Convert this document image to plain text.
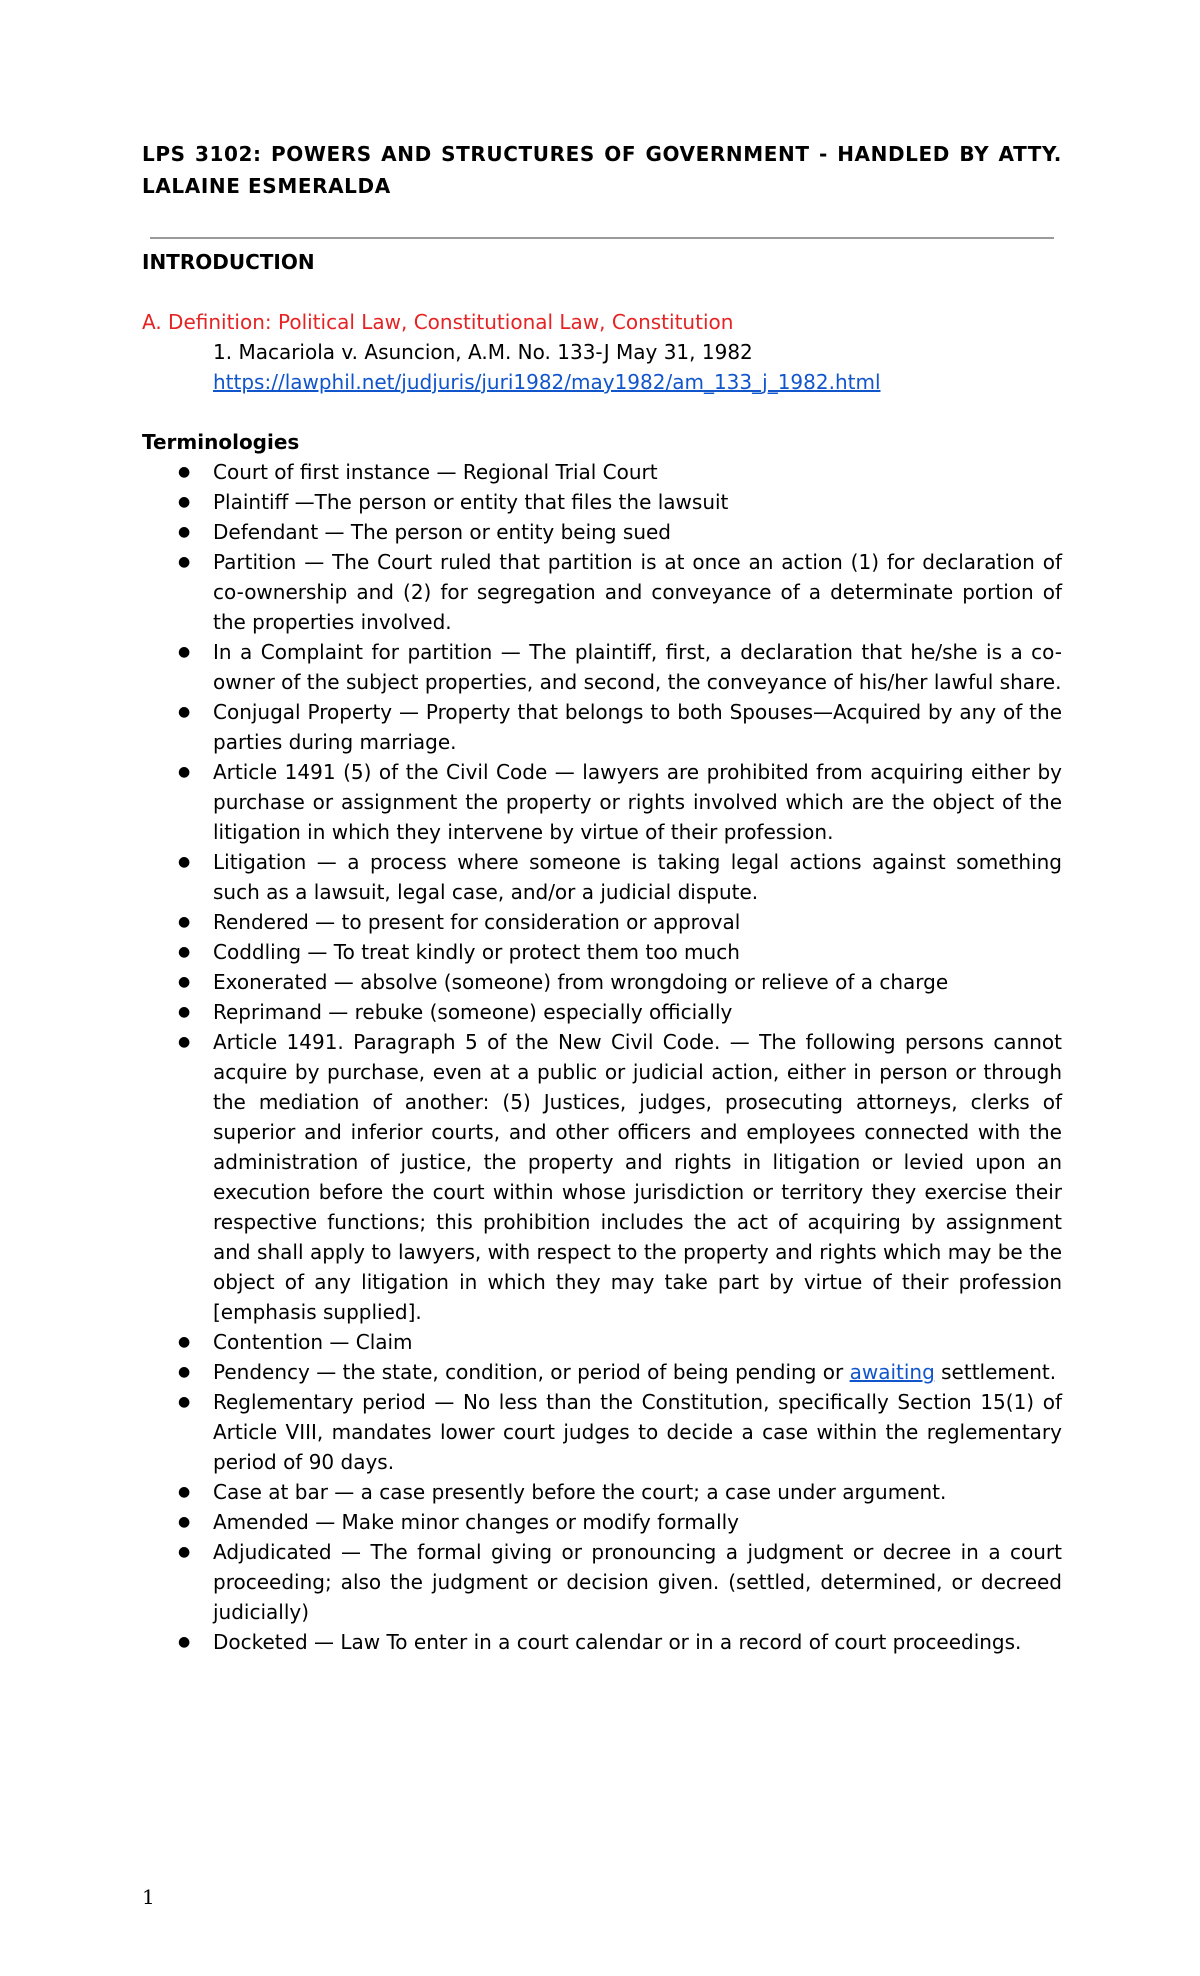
LPS 3102: POWERS AND STRUCTURES OF GOVERNMENT - HANDLED BY ATTY. LALAINE ESMERALDA
INTRODUCTION

A. Definition: Political Law, Constitutional Law, Constitution

1. Macariola v. Asuncion, A.M. No. 133-J May 31, 1982

https://lawphil.net/judjuris/juri1982/may1982/am_133_j_1982.html

Terminologies
● Court of first instance — Regional Trial Court
● Plaintiff —The person or entity that files the lawsuit
● Defendant — The person or entity being sued
● Partition — The Court ruled that partition is at once an action (1) for declaration of co-ownership and (2) for segregation and conveyance of a determinate portion of the properties involved.
● In a Complaint for partition — The plaintiff, first, a declaration that he/she is a co-owner of the subject properties, and second, the conveyance of his/her lawful share.
● Conjugal Property — Property that belongs to both Spouses—Acquired by any of the parties during marriage.
● Article 1491 (5) of the Civil Code — lawyers are prohibited from acquiring either by purchase or assignment the property or rights involved which are the object of the litigation in which they intervene by virtue of their profession.
● Litigation — a process where someone is taking legal actions against something such as a lawsuit, legal case, and/or a judicial dispute.
● Rendered — to present for consideration or approval
● Coddling — To treat kindly or protect them too much
● Exonerated — absolve (someone) from wrongdoing or relieve of a charge
● Reprimand — rebuke (someone) especially officially
● Article 1491. Paragraph 5 of the New Civil Code. — The following persons cannot acquire by purchase, even at a public or judicial action, either in person or through the mediation of another: (5) Justices, judges, prosecuting attorneys, clerks of superior and inferior courts, and other officers and employees connected with the administration of justice, the property and rights in litigation or levied upon an execution before the court within whose jurisdiction or territory they exercise their respective functions; this prohibition includes the act of acquiring by assignment and shall apply to lawyers, with respect to the property and rights which may be the object of any litigation in which they may take part by virtue of their profession [emphasis supplied].
● Contention — Claim
● Pendency — the state, condition, or period of being pending or awaiting settlement.
● Reglementary period — No less than the Constitution, specifically Section 15(1) of Article VIII, mandates lower court judges to decide a case within the reglementary period of 90 days.
● Case at bar — a case presently before the court; a case under argument.
● Amended — Make minor changes or modify formally
● Adjudicated — The formal giving or pronouncing a judgment or decree in a court proceeding; also the judgment or decision given. (settled, determined, or decreed judicially)
● Docketed — Law To enter in a court calendar or in a record of court proceedings.
1
